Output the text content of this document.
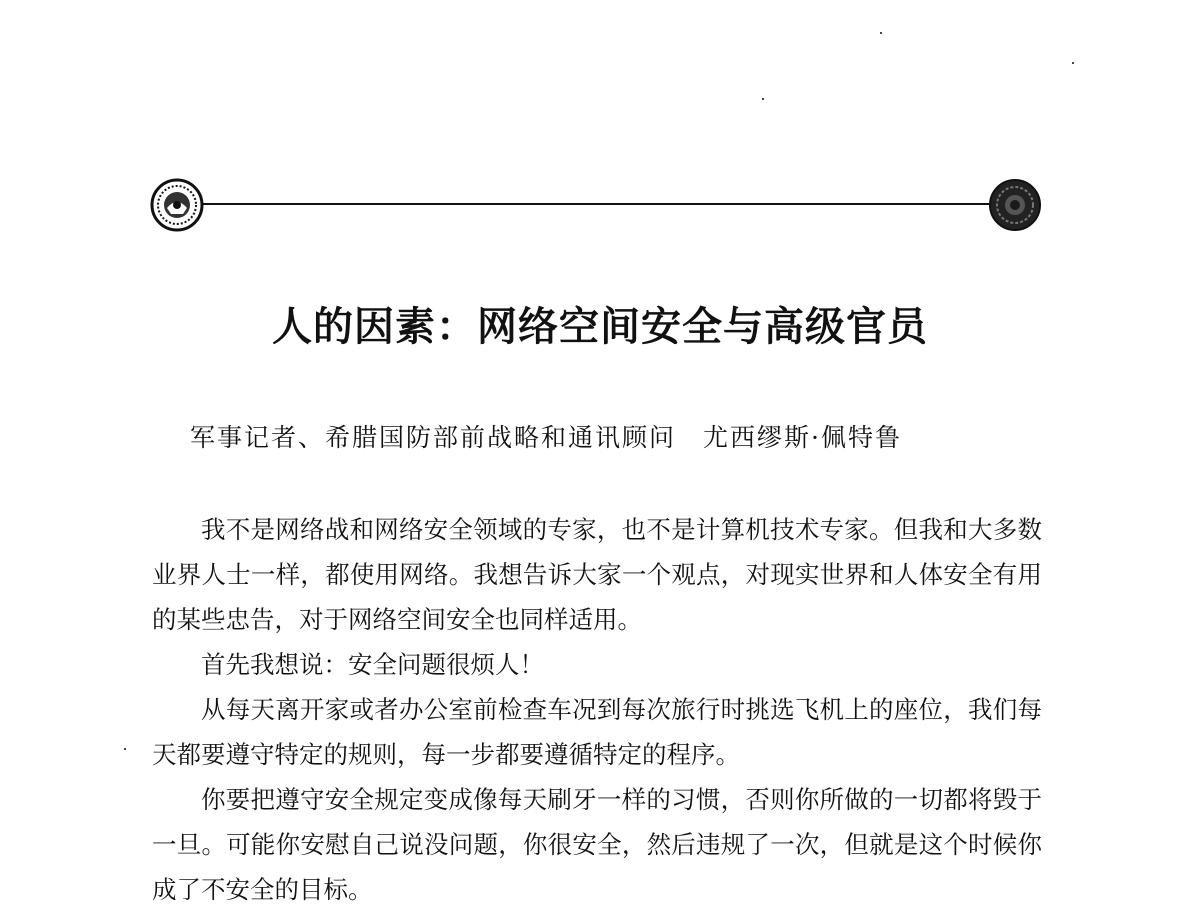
人的因素：网络空间安全与高级官员
军事记者、希腊国防部前战略和通讯顾问　尤西缪斯·佩特鲁

我不是网络战和网络安全领域的专家，也不是计算机技术专家。但我和大多数业界人士一样，都使用网络。我想告诉大家一个观点，对现实世界和人体安全有用的某些忠告，对于网络空间安全也同样适用。

首先我想说：安全问题很烦人！

从每天离开家或者办公室前检查车况到每次旅行时挑选飞机上的座位，我们每天都要遵守特定的规则，每一步都要遵循特定的程序。

你要把遵守安全规定变成像每天刷牙一样的习惯，否则你所做的一切都将毁于一旦。可能你安慰自己说没问题，你很安全，然后违规了一次，但就是这个时候你成了不安全的目标。
